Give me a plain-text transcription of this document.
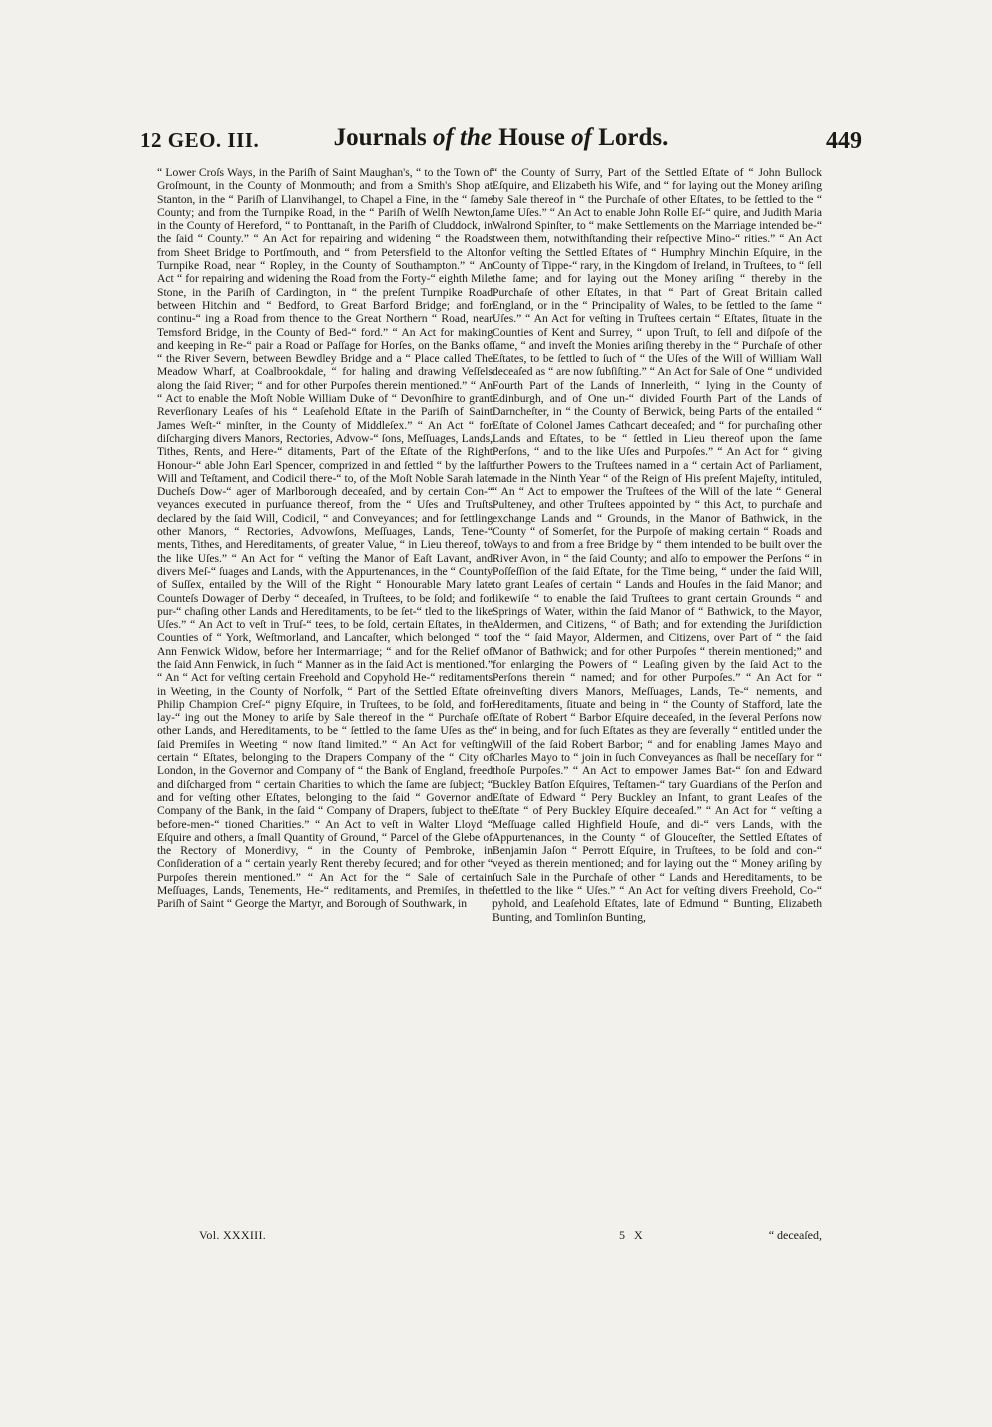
12 GEO. III.	Journals of the House of Lords.	449

“ Lower Croſs Ways, in the Pariſh of Saint Maughan's, “ to the Town of Groſmount, in the County of Monmouth; and from a Smith's Shop at Stanton, in the “ Pariſh of Llanvihangel, to Chapel a Fine, in the “ ſame County; and from the Turnpike Road, in the “ Pariſh of Welſh Newton, in the County of Hereford, “ to Ponttanaſt, in the Pariſh of Cluddock, in the ſaid “ County.” “ An Act for repairing and widening “ the Roads from Sheet Bridge to Portſmouth, and “ from Petersfield to the Alton Turnpike Road, near “ Ropley, in the County of Southampton.” “ An Act “ for repairing and widening the Road from the Forty-“ eighth Mile Stone, in the Pariſh of Cardington, in “ the preſent Turnpike Road between Hitchin and “ Bedford, to Great Barford Bridge; and for continu-“ ing a Road from thence to the Great Northern “ Road, near Temsford Bridge, in the County of Bed-“ ford.” “ An Act for making and keeping in Re-“ pair a Road or Paſſage for Horſes, on the Banks of “ the River Severn, between Bewdley Bridge and a “ Place called The Meadow Wharf, at Coalbrookdale, “ for haling and drawing Veſſels along the ſaid River; “ and for other Purpoſes therein mentioned.” “ An “ Act to enable the Moſt Noble William Duke of “ Devonſhire to grant Reverſionary Leaſes of his “ Leaſehold Eſtate in the Pariſh of Saint James Weſt-“ minſter, in the County of Middleſex.” “ An Act “ for diſcharging divers Manors, Rectories, Advow-“ ſons, Meſſuages, Lands, Tithes, Rents, and Here-“ ditaments, Part of the Eſtate of the Right Honour-“ able John Earl Spencer, comprized in and ſettled “ by the laſt Will and Teſtament, and Codicil there-“ to, of the Moſt Noble Sarah late Ducheſs Dow-“ ager of Marlborough deceaſed, and by certain Con-“ veyances executed in purſuance thereof, from the “ Uſes and Truſts declared by the ſaid Will, Codicil, “ and Conveyances; and for ſettling other Manors, “ Rectories, Advowſons, Meſſuages, Lands, Tene-“ ments, Tithes, and Hereditaments, of greater Value, “ in Lieu thereof, to the like Uſes.” “ An Act for “ veſting the Manor of Eaſt Lavant, and divers Meſ-“ ſuages and Lands, with the Appurtenances, in the “ County of Suſſex, entailed by the Will of the Right “ Honourable Mary late Counteſs Dowager of Derby “ deceaſed, in Truſtees, to be ſold; and for pur-“ chaſing other Lands and Hereditaments, to be ſet-“ tled to the like Uſes.” “ An Act to veſt in Truſ-“ tees, to be ſold, certain Eſtates, in the Counties of “ York, Weſtmorland, and Lancaſter, which belonged “ to Ann Fenwick Widow, before her Intermarriage; “ and for the Relief of the ſaid Ann Fenwick, in ſuch “ Manner as in the ſaid Act is mentioned.” “ An “ Act for veſting certain Freehold and Copyhold He-“ reditaments in Weeting, in the County of Norfolk, “ Part of the Settled Eſtate of Philip Champion Creſ-“ pigny Eſquire, in Truſtees, to be ſold, and for lay-“ ing out the Money to ariſe by Sale thereof in the “ Purchaſe of other Lands, and Hereditaments, to be “ ſettled to the ſame Uſes as the ſaid Premiſes in Weeting “ now ſtand limited.” “ An Act for veſting certain “ Eſtates, belonging to the Drapers Company of the “ City of London, in the Governor and Company of “ the Bank of England, freed and diſcharged from “ certain Charities to which the ſame are ſubject; “ and for veſting other Eſtates, belonging to the ſaid “ Governor and Company of the Bank, in the ſaid “ Company of Drapers, ſubject to the before-men-“ tioned Charities.” “ An Act to veſt in Walter Lloyd “ Eſquire and others, a ſmall Quantity of Ground, “ Parcel of the Glebe of the Rectory of Monerdivy, “ in the County of Pembroke, in Conſideration of a “ certain yearly Rent thereby ſecured; and for other “ Purpoſes therein mentioned.” “ An Act for the “ Sale of certain Meſſuages, Lands, Tenements, He-“ reditaments, and Premiſes, in the Pariſh of Saint “ George the Martyr, and Borough of Southwark, in

“ the County of Surry, Part of the Settled Eſtate of “ John Bullock Eſquire, and Elizabeth his Wife, and “ for laying out the Money ariſing by Sale thereof in “ the Purchaſe of other Eſtates, to be ſettled to the “ ſame Uſes.” “ An Act to enable John Rolle Eſ-“ quire, and Judith Maria Walrond Spinſter, to “ make Settlements on the Marriage intended be-“ tween them, notwithſtanding their reſpective Mino-“ rities.” “ An Act for veſting the Settled Eſtates of “ Humphry Minchin Eſquire, in the County of Tippe-“ rary, in the Kingdom of Ireland, in Truſtees, to “ ſell the ſame; and for laying out the Money ariſing “ thereby in the Purchaſe of other Eſtates, in that “ Part of Great Britain called England, or in the “ Principality of Wales, to be ſettled to the ſame “ Uſes.” “ An Act for veſting in Truſtees certain “ Eſtates, ſituate in the Counties of Kent and Surrey, “ upon Truſt, to ſell and diſpoſe of the ſame, “ and inveſt the Monies ariſing thereby in the “ Purchaſe of other Eſtates, to be ſettled to ſuch of “ the Uſes of the Will of William Wall deceaſed as “ are now ſubſiſting.” “ An Act for Sale of One “ undivided Fourth Part of the Lands of Innerleith, “ lying in the County of Edinburgh, and of One un-“ divided Fourth Part of the Lands of Darncheſter, in “ the County of Berwick, being Parts of the entailed “ Eſtate of Colonel James Cathcart deceaſed; and “ for purchaſing other Lands and Eſtates, to be “ ſettled in Lieu thereof upon the ſame Perſons, “ and to the like Uſes and Purpoſes.” “ An Act for “ giving further Powers to the Truſtees named in a “ certain Act of Parliament, made in the Ninth Year “ of the Reign of His preſent Majeſty, intituled, “ An “ Act to empower the Truſtees of the Will of the late “ General Pulteney, and other Truſtees appointed by “ this Act, to purchaſe and exchange Lands and “ Grounds, in the Manor of Bathwick, in the County “ of Somerſet, for the Purpoſe of making certain “ Roads and Ways to and from a free Bridge by “ them intended to be built over the River Avon, in “ the ſaid County; and alſo to empower the Perſons “ in Poſſeſſion of the ſaid Eſtate, for the Time being, “ under the ſaid Will, to grant Leaſes of certain “ Lands and Houſes in the ſaid Manor; and likewiſe “ to enable the ſaid Truſtees to grant certain Grounds “ and Springs of Water, within the ſaid Manor of “ Bathwick, to the Mayor, Aldermen, and Citizens, “ of Bath; and for extending the Juriſdiction of the “ ſaid Mayor, Aldermen, and Citizens, over Part of “ the ſaid Manor of Bathwick; and for other Purpoſes “ therein mentioned;” and for enlarging the Powers of “ Leaſing given by the ſaid Act to the Perſons therein “ named; and for other Purpoſes.” “ An Act for “ reinveſting divers Manors, Meſſuages, Lands, Te-“ nements, and Hereditaments, ſituate and being in “ the County of Stafford, late the Eſtate of Robert “ Barbor Eſquire deceaſed, in the ſeveral Perſons now “ in being, and for ſuch Eſtates as they are ſeverally “ entitled under the Will of the ſaid Robert Barbor; “ and for enabling James Mayo and Charles Mayo to “ join in ſuch Conveyances as ſhall be neceſſary for “ thoſe Purpoſes.” “ An Act to empower James Bat-“ ſon and Edward Buckley Batſon Eſquires, Teſtamen-“ tary Guardians of the Perſon and Eſtate of Edward “ Pery Buckley an Infant, to grant Leaſes of the Eſtate “ of Pery Buckley Eſquire deceaſed.” “ An Act for “ veſting a Meſſuage called Highfield Houſe, and di-“ vers Lands, with the Appurtenances, in the County “ of Glouceſter, the Settled Eſtates of Benjamin Jaſon “ Perrott Eſquire, in Truſtees, to be ſold and con-“ veyed as therein mentioned; and for laying out the “ Money ariſing by ſuch Sale in the Purchaſe of other “ Lands and Hereditaments, to be ſettled to the like “ Uſes.” “ An Act for veſting divers Freehold, Co-“ pyhold, and Leaſehold Eſtates, late of Edmund “ Bunting, Elizabeth Bunting, and Tomlinſon Bunting,

Vol. XXXIII.	5 X	“ deceaſed,
